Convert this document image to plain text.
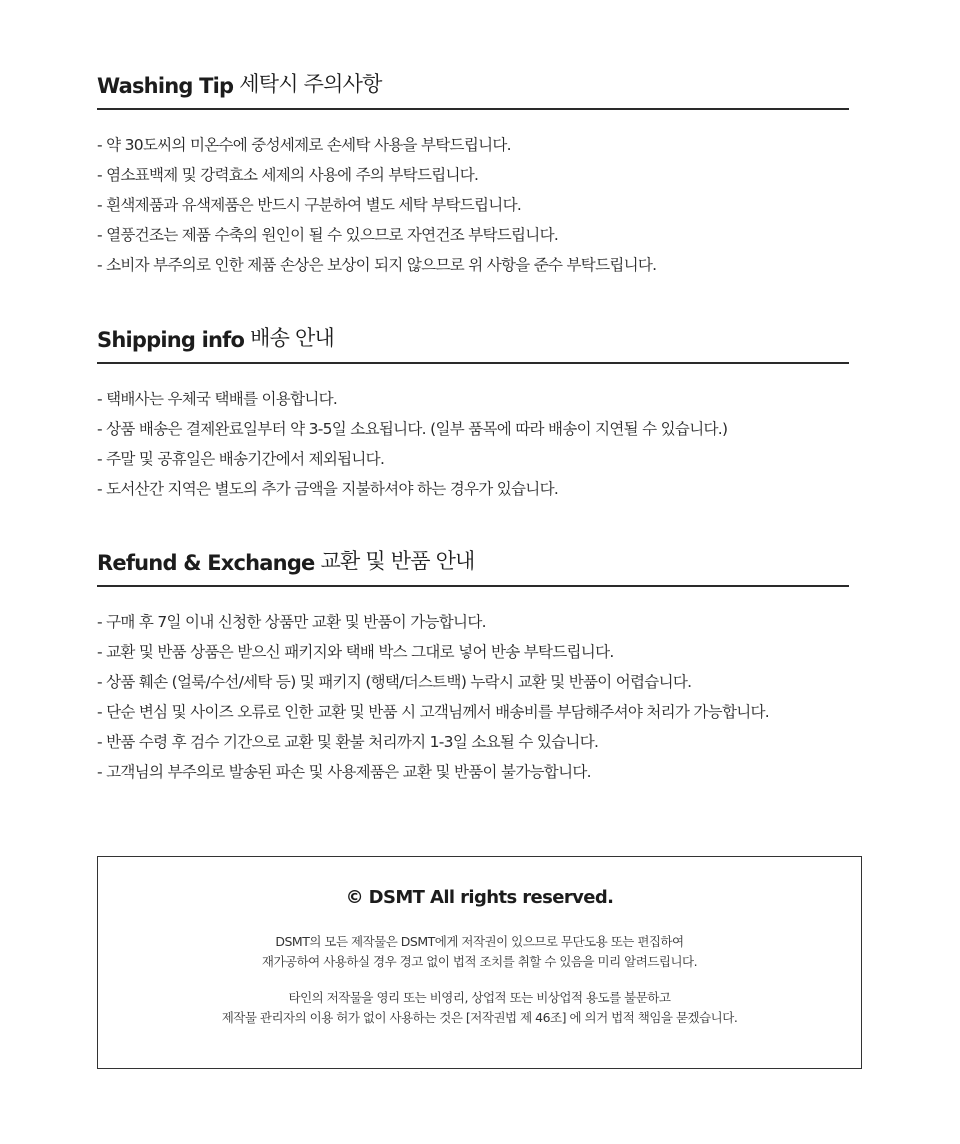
Washing Tip 세탁시 주의사항
- 약 30도씨의 미온수에 중성세제로 손세탁 사용을 부탁드립니다.
- 염소표백제 및 강력효소 세제의 사용에 주의 부탁드립니다.
- 흰색제품과 유색제품은 반드시 구분하여 별도 세탁 부탁드립니다.
- 열풍건조는 제품 수축의 원인이 될 수 있으므로 자연건조 부탁드립니다.
- 소비자 부주의로 인한 제품 손상은 보상이 되지 않으므로 위 사항을 준수 부탁드립니다.
Shipping info 배송 안내
- 택배사는 우체국 택배를 이용합니다.
- 상품 배송은 결제완료일부터 약 3-5일 소요됩니다. (일부 품목에 따라 배송이 지연될 수 있습니다.)
- 주말 및 공휴일은 배송기간에서 제외됩니다.
- 도서산간 지역은 별도의 추가 금액을 지불하셔야 하는 경우가 있습니다.
Refund & Exchange 교환 및 반품 안내
- 구매 후 7일 이내 신청한 상품만 교환 및 반품이 가능합니다.
- 교환 및 반품 상품은 받으신 패키지와 택배 박스 그대로 넣어 반송 부탁드립니다.
- 상품 훼손 (얼룩/수선/세탁 등) 및 패키지 (행택/더스트백) 누락시 교환 및 반품이 어렵습니다.
- 단순 변심 및 사이즈 오류로 인한 교환 및 반품 시 고객님께서 배송비를 부담해주셔야 처리가 가능합니다.
- 반품 수령 후 검수 기간으로 교환 및 환불 처리까지 1-3일 소요될 수 있습니다.
- 고객님의 부주의로 발송된 파손 및 사용제품은 교환 및 반품이 불가능합니다.

© DSMT All rights reserved.

DSMT의 모든 제작물은 DSMT에게 저작권이 있으므로 무단도용 또는 편집하여
재가공하여 사용하실 경우 경고 없이 법적 조치를 취할 수 있음을 미리 알려드립니다.

타인의 저작물을 영리 또는 비영리, 상업적 또는 비상업적 용도를 불문하고
제작물 관리자의 이용 허가 없이 사용하는 것은 [저작권법 제 46조] 에 의거 법적 책임을 묻겠습니다.
